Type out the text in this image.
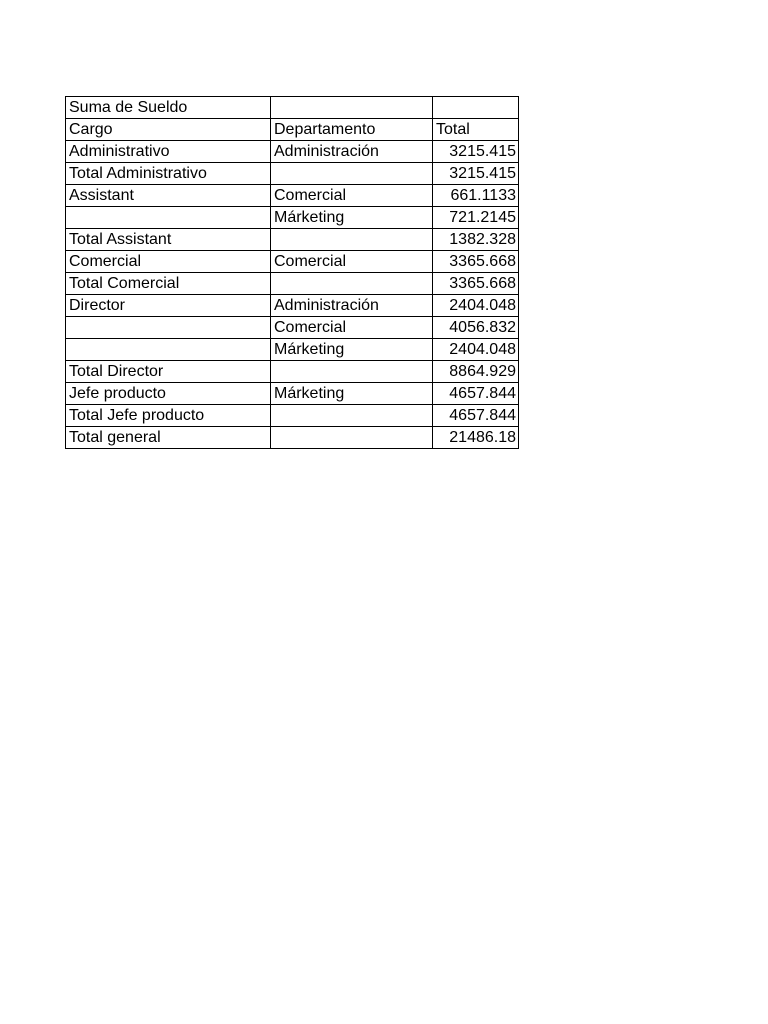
Suma de Sueldo		
Cargo	Departamento	Total
Administrativo	Administración	3215.415
Total Administrativo		3215.415
Assistant	Comercial	661.1133
	Márketing	721.2145
Total Assistant		1382.328
Comercial	Comercial	3365.668
Total Comercial		3365.668
Director	Administración	2404.048
	Comercial	4056.832
	Márketing	2404.048
Total Director		8864.929
Jefe producto	Márketing	4657.844
Total Jefe producto		4657.844
Total general		21486.18
